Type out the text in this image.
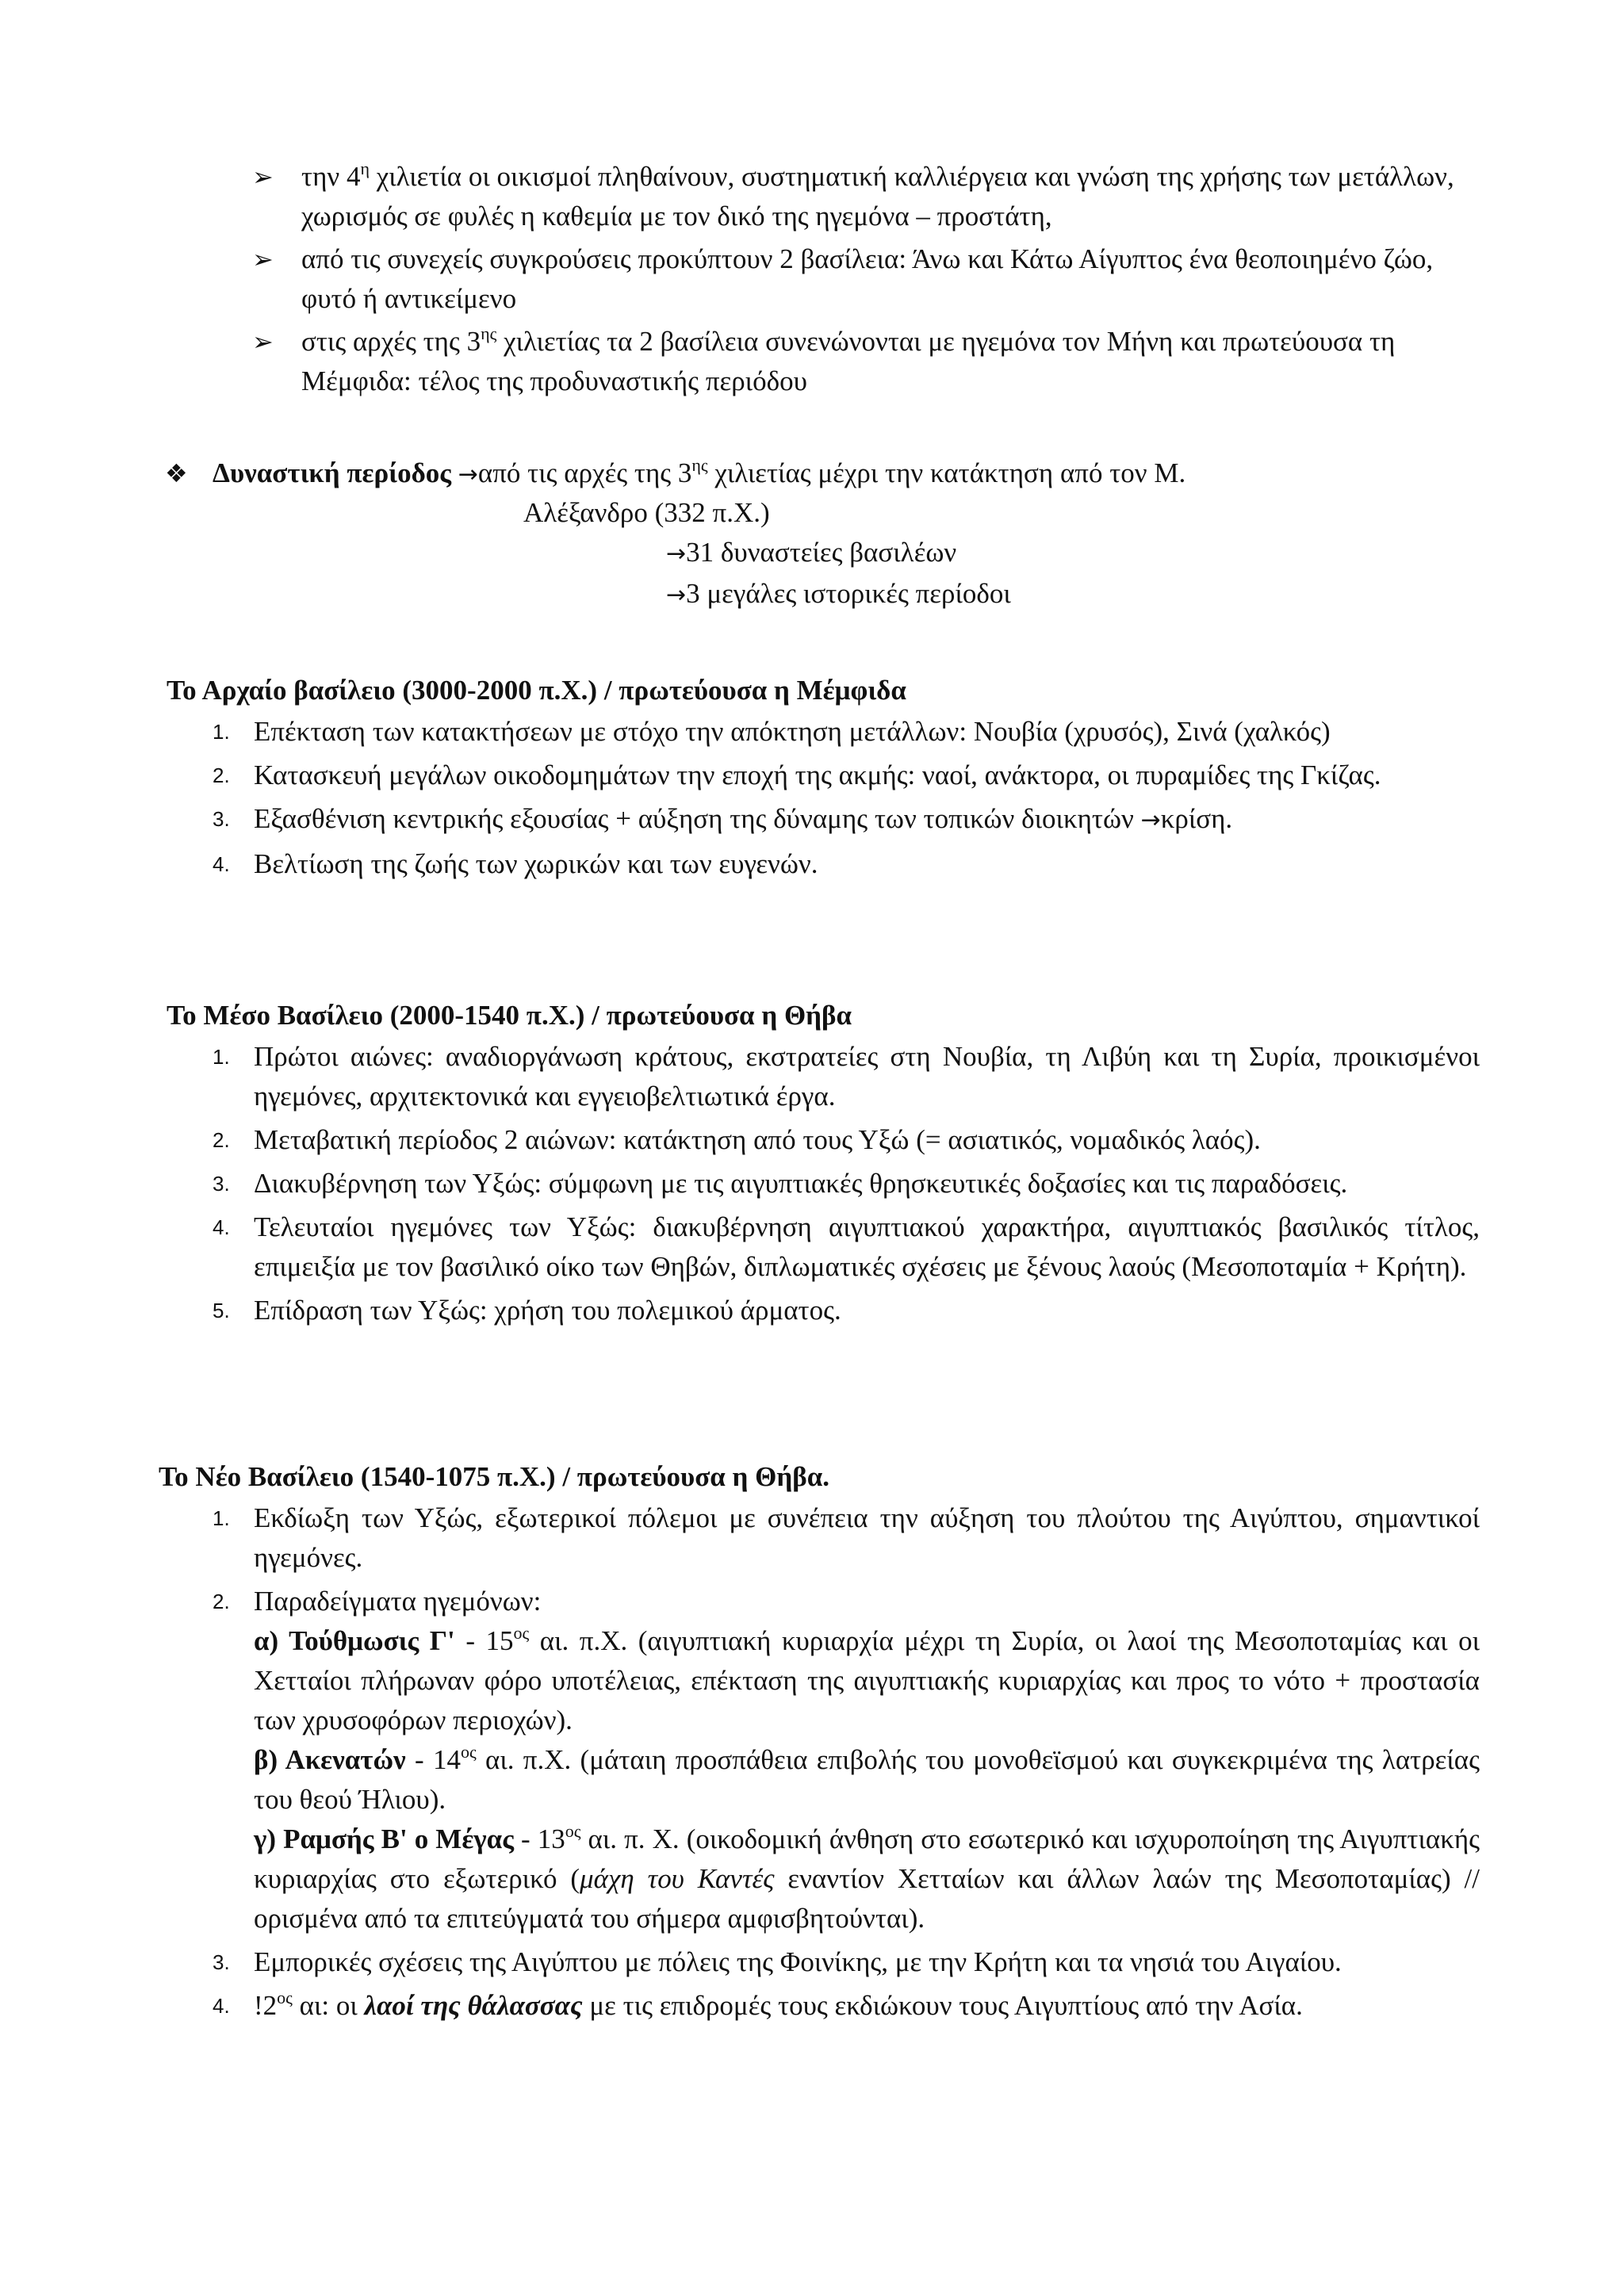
➢ την $4^\eta$ χιλιετία οι οικισμοί πληθαίνουν, συστηματική καλλιέργεια και γνώση της χρήσης των μετάλλων, χωρισμός σε φυλές η καθεμία με τον δικό της ηγεμόνα – προστάτη,
➢ από τις συνεχείς συγκρούσεις προκύπτουν 2 βασίλεια: Άνω και Κάτω Αίγυπτος ένα θεοποιημένο ζώο, φυτό ή αντικείμενο
➢ στις αρχές της $3^{\eta\varsigma}$ χιλιετίας τα 2 βασίλεια συνενώνονται με ηγεμόνα τον Μήνη και πρωτεύουσα τη Μέμφιδα: τέλος της προδυναστικής περιόδου
❖ Δυναστική περίοδος →από τις αρχές της $3^{\eta\varsigma}$ χιλιετίας μέχρι την κατάκτηση από τον Μ.
Αλέξανδρο (332 π.Χ.)
→31 δυναστείες βασιλέων
→3 μεγάλες ιστορικές περίοδοι
Το Αρχαίο βασίλειο (3000-2000 π.Χ.) / πρωτεύουσα η Μέμφιδα
1. Επέκταση των κατακτήσεων με στόχο την απόκτηση μετάλλων: Νουβία (χρυσός), Σινά (χαλκός)
2. Κατασκευή μεγάλων οικοδομημάτων την εποχή της ακμής: ναοί, ανάκτορα, οι πυραμίδες της Γκίζας.
3. Εξασθένιση κεντρικής εξουσίας + αύξηση της δύναμης των τοπικών διοικητών →κρίση.
4. Βελτίωση της ζωής των χωρικών και των ευγενών.
Το Μέσο Βασίλειο (2000-1540 π.Χ.) / πρωτεύουσα η Θήβα
1. Πρώτοι αιώνες: αναδιοργάνωση κράτους, εκστρατείες στη Νουβία, τη Λιβύη και τη Συρία, προικισμένοι ηγεμόνες, αρχιτεκτονικά και εγγειοβελτιωτικά έργα.
2. Μεταβατική περίοδος 2 αιώνων: κατάκτηση από τους Υξώ (= ασιατικός, νομαδικός λαός).
3. Διακυβέρνηση των Υξώς: σύμφωνη με τις αιγυπτιακές θρησκευτικές δοξασίες και τις παραδόσεις.
4. Τελευταίοι ηγεμόνες των Υξώς: διακυβέρνηση αιγυπτιακού χαρακτήρα, αιγυπτιακός βασιλικός τίτλος, επιμειξία με τον βασιλικό οίκο των Θηβών, διπλωματικές σχέσεις με ξένους λαούς (Μεσοποταμία + Κρήτη).
5. Επίδραση των Υξώς: χρήση του πολεμικού άρματος.
Το Νέο Βασίλειο (1540-1075 π.Χ.) / πρωτεύουσα η Θήβα.
1. Εκδίωξη των Υξώς, εξωτερικοί πόλεμοι με συνέπεια την αύξηση του πλούτου της Αιγύπτου, σημαντικοί ηγεμόνες.
2. Παραδείγματα ηγεμόνων:
α) Τούθμωσις Γ' - $15^{o\varsigma}$ αι. π.Χ. (αιγυπτιακή κυριαρχία μέχρι τη Συρία, οι λαοί της Μεσοποταμίας και οι Χετταίοι πλήρωναν φόρο υποτέλειας, επέκταση της αιγυπτιακής κυριαρχίας και προς το νότο + προστασία των χρυσοφόρων περιοχών).
β) Ακενατών - $14^{o\varsigma}$ αι. π.Χ. (μάταιη προσπάθεια επιβολής του μονοθεϊσμού και συγκεκριμένα της λατρείας του θεού Ήλιου).
γ) Ραμσής Β' ο Μέγας - $13^{o\varsigma}$ αι. π. Χ. (οικοδομική άνθηση στο εσωτερικό και ισχυροποίηση της Αιγυπτιακής κυριαρχίας στο εξωτερικό (μάχη του Καντές εναντίον Χετταίων και άλλων λαών της Μεσοποταμίας) // ορισμένα από τα επιτεύγματά του σήμερα αμφισβητούνται).
3. Εμπορικές σχέσεις της Αιγύπτου με πόλεις της Φοινίκης, με την Κρήτη και τα νησιά του Αιγαίου.
4. $!2^{o\varsigma}$ αι: οι λαοί της θάλασσας με τις επιδρομές τους εκδιώκουν τους Αιγυπτίους από την Ασία.
